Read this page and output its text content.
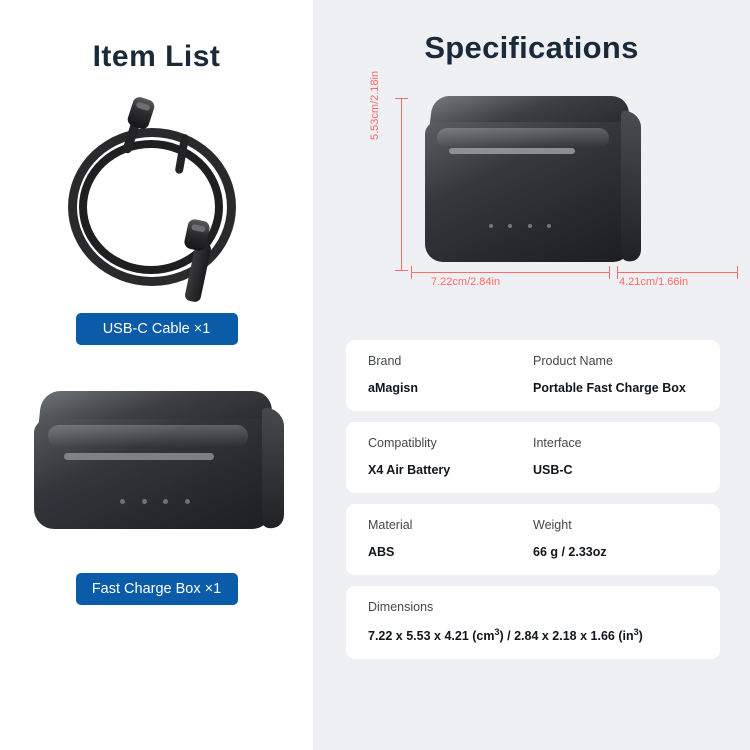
Item List
USB-C Cable ×1
Fast Charge Box ×1
Specifications
5.53cm/2.18in
7.22cm/2.84in	4.21cm/1.66in
Brand
aMagisn
Product Name
Portable Fast Charge Box
Compatiblity
X4 Air Battery
Interface
USB-C
Material
ABS
Weight
66 g / 2.33oz
Dimensions
7.22 x 5.53 x 4.21 $(cm^3) / 2.84$ x 2.18 x 1.66 $(in^3)$
